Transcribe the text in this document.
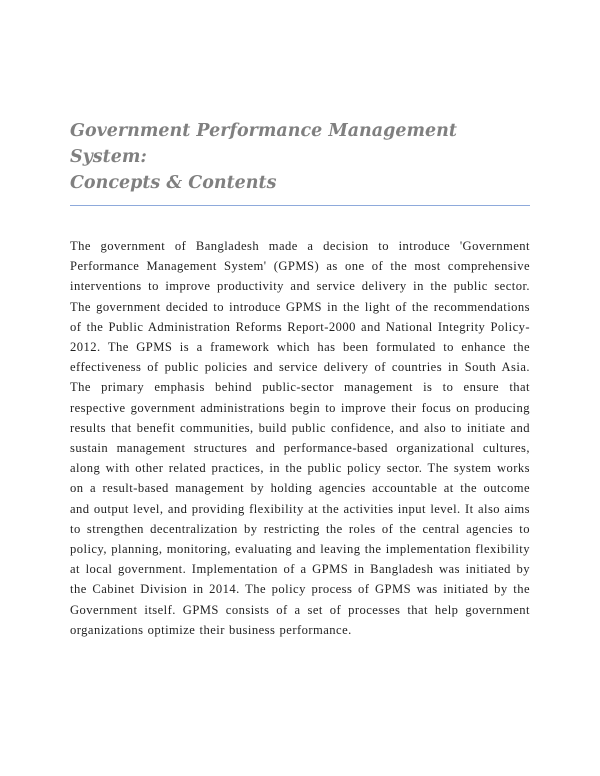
Government Performance Management System:
Concepts & Contents

The government of Bangladesh made a decision to introduce 'Government Performance Management System' (GPMS) as one of the most comprehensive interventions to improve productivity and service delivery in the public sector. The government decided to introduce GPMS in the light of the recommendations of the Public Administration Reforms Report-2000 and National Integrity Policy- 2012. The GPMS is a framework which has been formulated to enhance the effectiveness of public policies and service delivery of countries in South Asia. The primary emphasis behind public-sector management is to ensure that respective government administrations begin to improve their focus on producing results that benefit communities, build public confidence, and also to initiate and sustain management structures and performance-based organizational cultures, along with other related practices, in the public policy sector. The system works on a result-based management by holding agencies accountable at the outcome and output level, and providing flexibility at the activities input level. It also aims to strengthen decentralization by restricting the roles of the central agencies to policy, planning, monitoring, evaluating and leaving the implementation flexibility at local government. Implementation of a GPMS in Bangladesh was initiated by the Cabinet Division in 2014. The policy process of GPMS was initiated by the Government itself. GPMS consists of a set of processes that help government organizations optimize their business performance.
